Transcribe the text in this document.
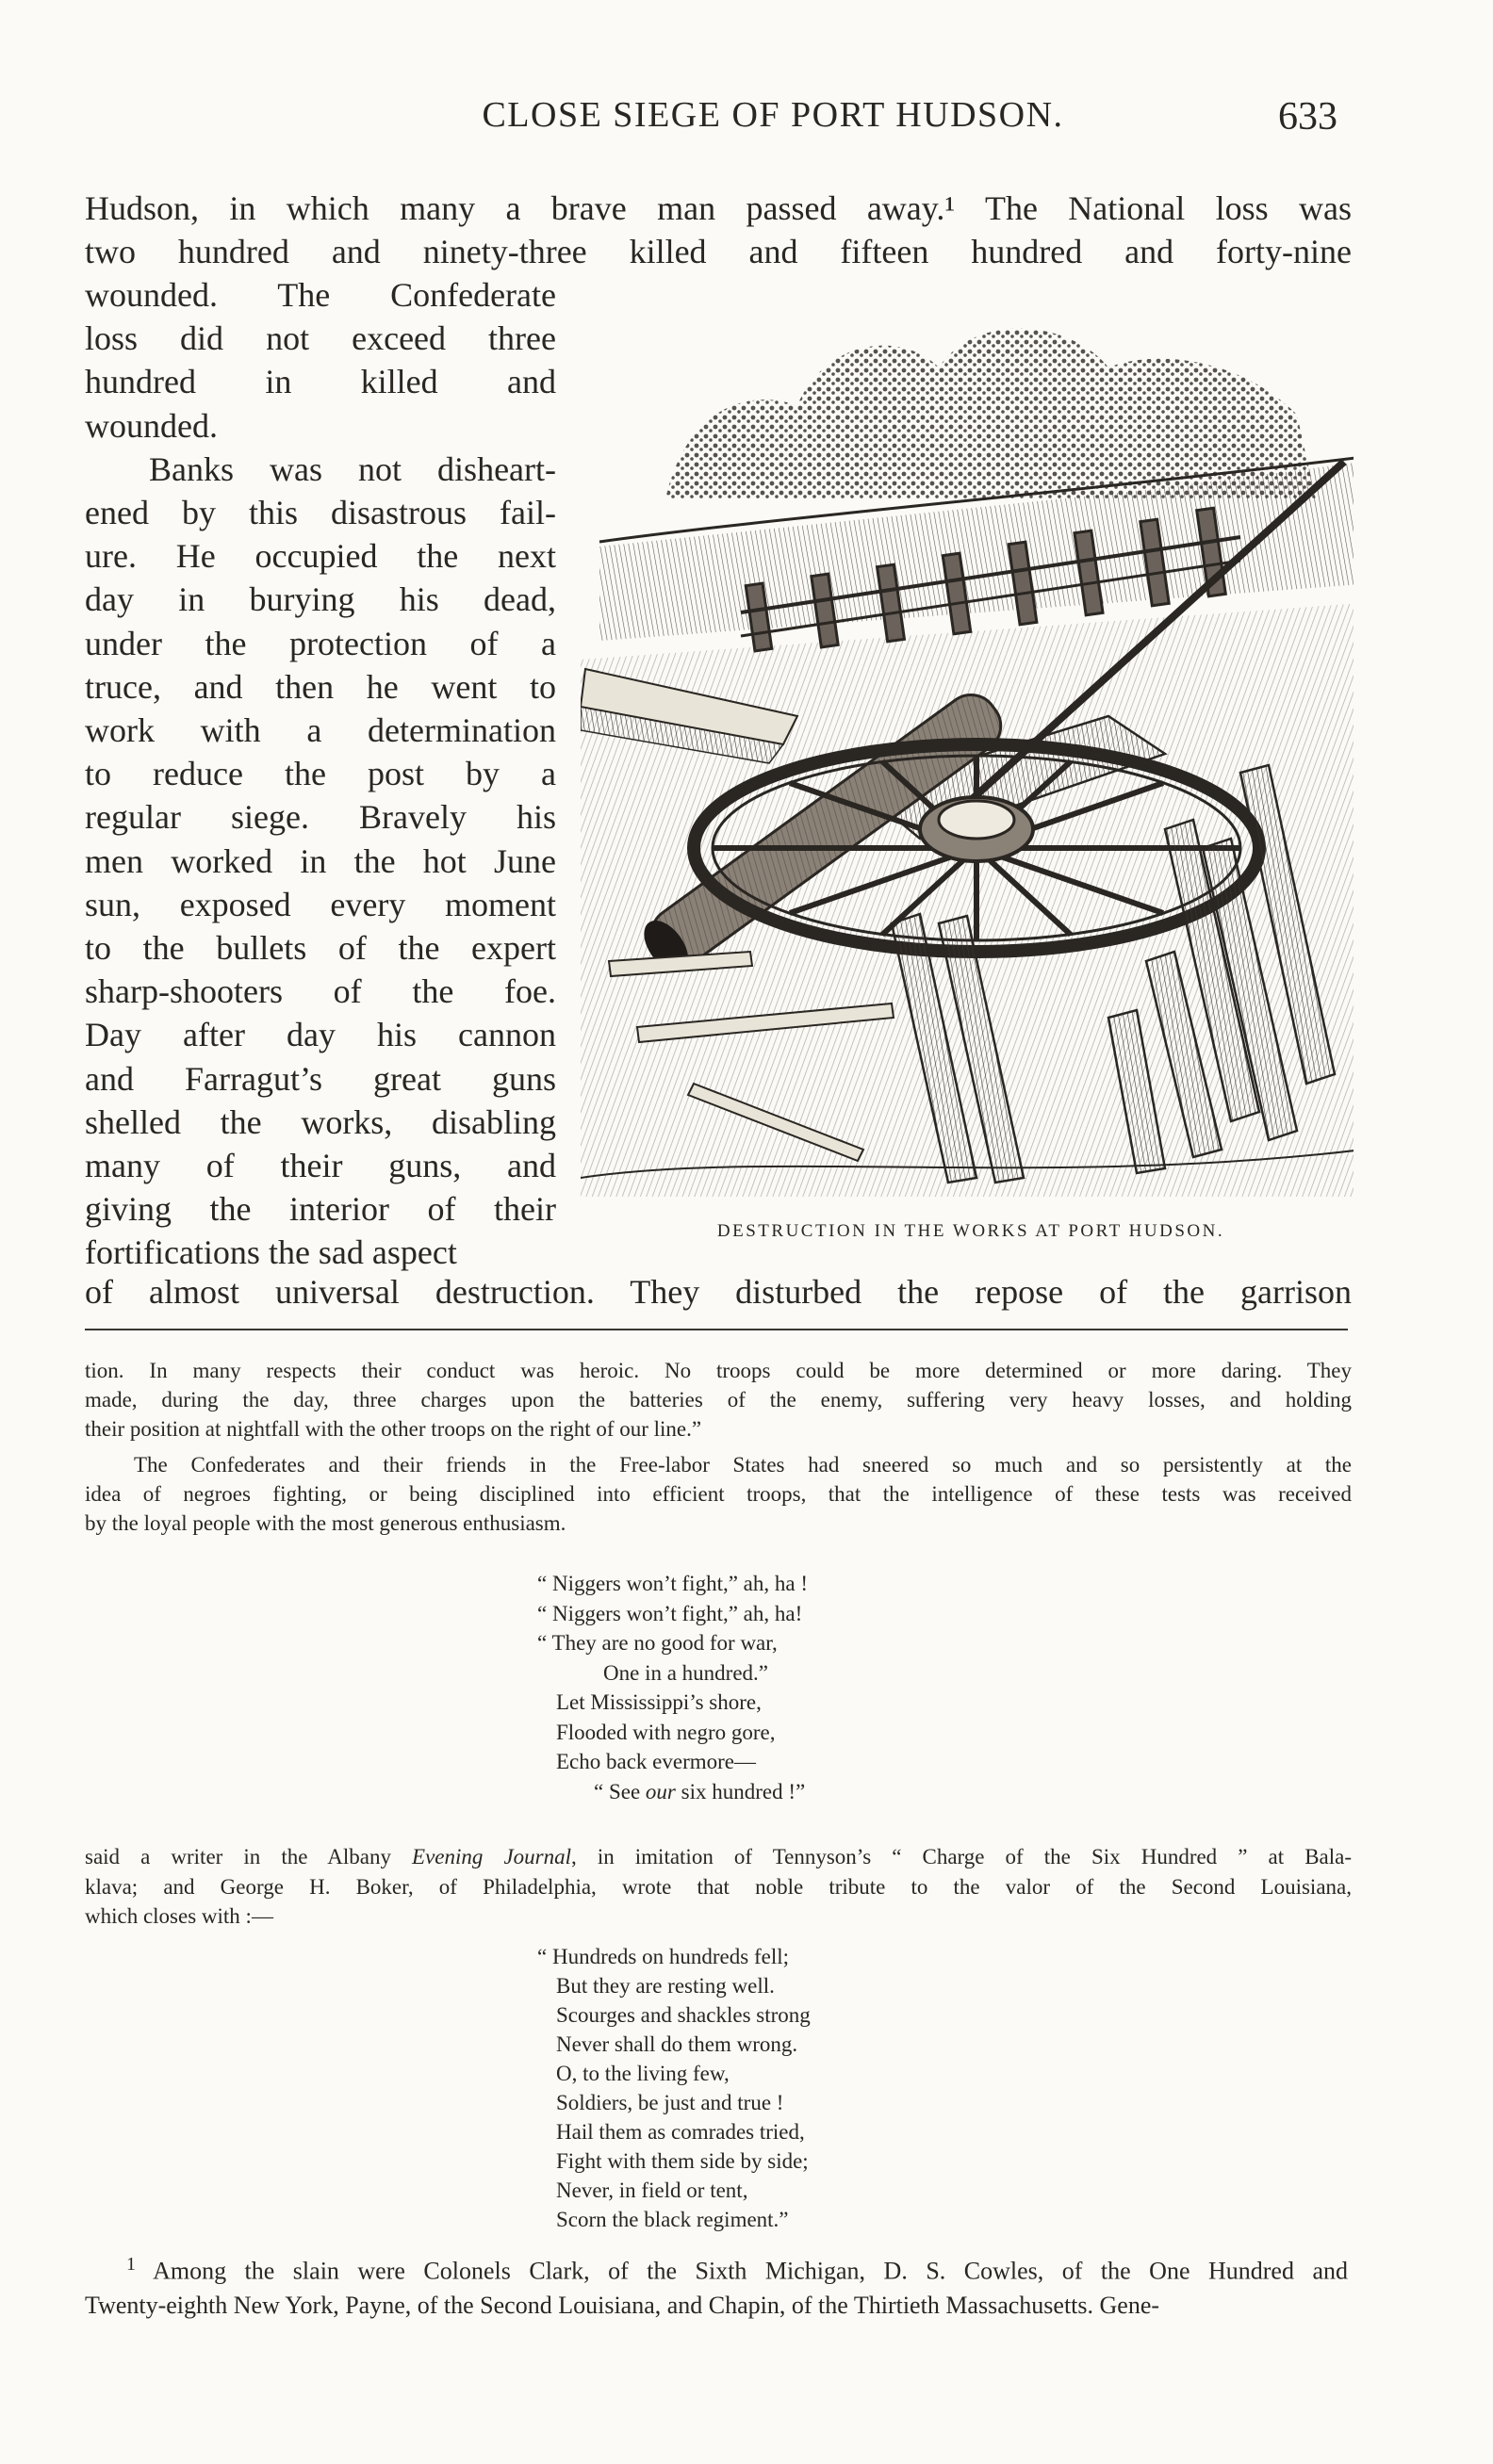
CLOSE SIEGE OF PORT HUDSON.	633
Hudson, in which many a brave man passed away.¹ The National loss was
two hundred and ninety-three killed and fifteen hundred and forty-nine
wounded. The Confederate
loss did not exceed three
hundred in killed and
wounded.
Banks was not disheart-
ened by this disastrous fail-
ure. He occupied the next
day in burying his dead,
under the protection of a
truce, and then he went to
work with a determination
to reduce the post by a
regular siege. Bravely his
men worked in the hot June
sun, exposed every moment
to the bullets of the expert
sharp-shooters of the foe.
Day after day his cannon
and Farragut’s great guns
shelled the works, disabling
many of their guns, and
giving the interior of their
fortifications the sad aspect
DESTRUCTION IN THE WORKS AT PORT HUDSON.
of almost universal destruction. They disturbed the repose of the garrison
tion. In many respects their conduct was heroic. No troops could be more determined or more daring. They
made, during the day, three charges upon the batteries of the enemy, suffering very heavy losses, and holding
their position at nightfall with the other troops on the right of our line.”
The Confederates and their friends in the Free-labor States had sneered so much and so persistently at the
idea of negroes fighting, or being disciplined into efficient troops, that the intelligence of these tests was received
by the loyal people with the most generous enthusiasm.
“ Niggers won’t fight,” ah, ha !
“ Niggers won’t fight,” ah, ha!
“ They are no good for war,
One in a hundred.”
Let Mississippi’s shore,
Flooded with negro gore,
Echo back evermore—
“ See our six hundred !”
said a writer in the Albany Evening Journal, in imitation of Tennyson’s “ Charge of the Six Hundred ” at Bala-
klava; and George H. Boker, of Philadelphia, wrote that noble tribute to the valor of the Second Louisiana,
which closes with :—
“ Hundreds on hundreds fell;
But they are resting well.
Scourges and shackles strong
Never shall do them wrong.
O, to the living few,
Soldiers, be just and true !
Hail them as comrades tried,
Fight with them side by side;
Never, in field or tent,
Scorn the black regiment.”
$^1$ Among the slain were Colonels Clark, of the Sixth Michigan, D. S. Cowles, of the One Hundred and
Twenty-eighth New York, Payne, of the Second Louisiana, and Chapin, of the Thirtieth Massachusetts. Gene-
